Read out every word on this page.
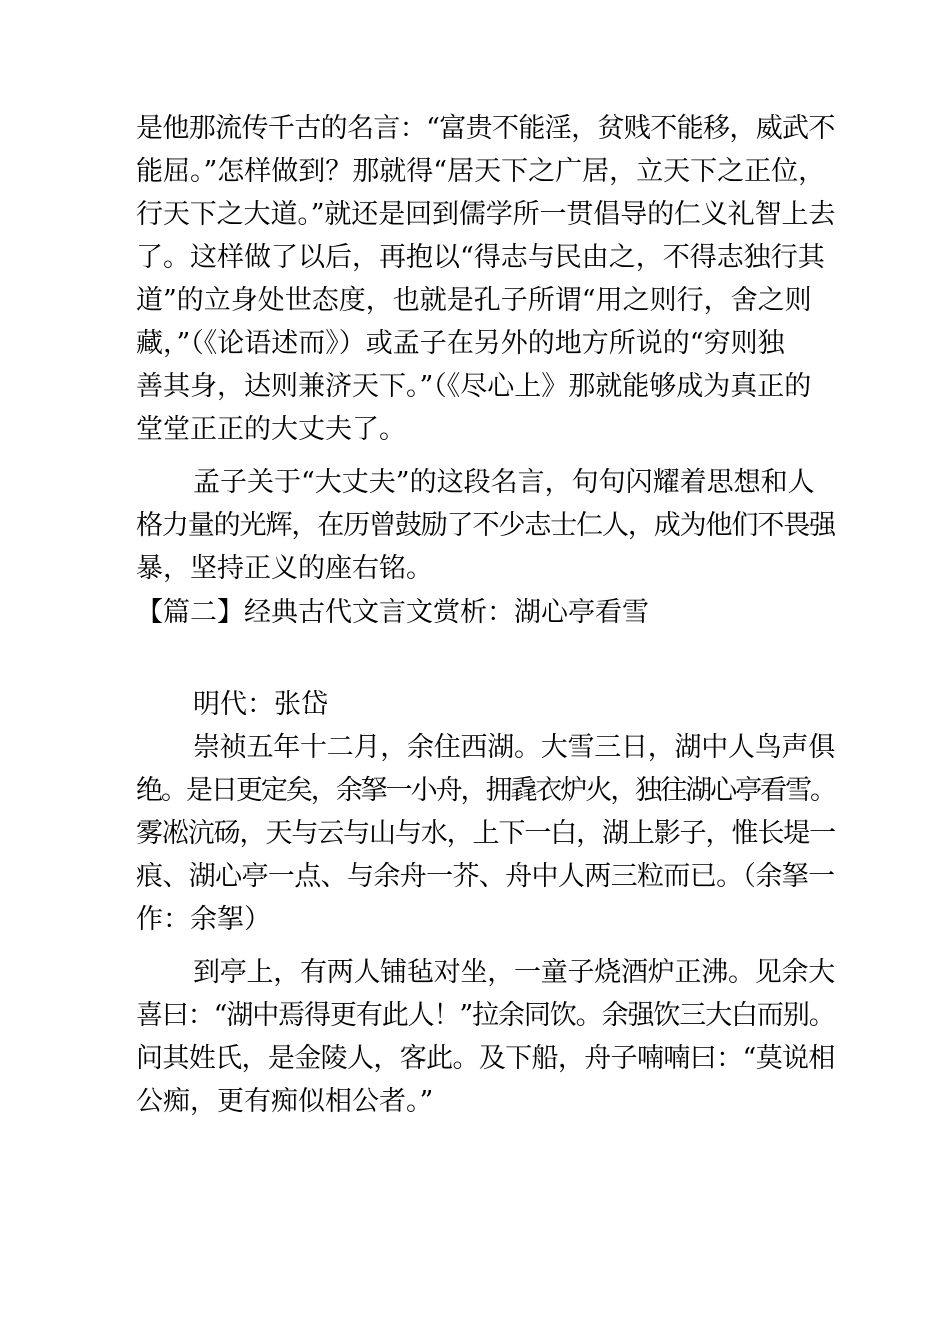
是他那流传千古的名言：“富贵不能淫，贫贱不能移，威武不
能屈。”怎样做到？那就得“居天下之广居，立天下之正位，
行天下之大道。”就还是回到儒学所一贯倡导的仁义礼智上去
了。这样做了以后，再抱以“得志与民由之，不得志独行其
道”的立身处世态度，也就是孔子所谓“用之则行，舍之则
藏，”（《论语述而》）或孟子在另外的地方所说的“穷则独
善其身，达则兼济天下。”（《尽心上》那就能够成为真正的
堂堂正正的大丈夫了。
孟子关于“大丈夫”的这段名言，句句闪耀着思想和人
格力量的光辉，在历曾鼓励了不少志士仁人，成为他们不畏强
暴，坚持正义的座右铭。
【篇二】经典古代文言文赏析：湖心亭看雪
明代：张岱
崇祯五年十二月，余住西湖。大雪三日，湖中人鸟声俱
绝。是日更定矣，余拏一小舟，拥毳衣炉火，独往湖心亭看雪。
雾凇沆砀，天与云与山与水，上下一白，湖上影子，惟长堤一
痕、湖心亭一点、与余舟一芥、舟中人两三粒而已。（余拏一
作：余挐）
到亭上，有两人铺毡对坐，一童子烧酒炉正沸。见余大
喜曰：“湖中焉得更有此人！”拉余同饮。余强饮三大白而别。
问其姓氏，是金陵人，客此。及下船，舟子喃喃曰：“莫说相
公痴，更有痴似相公者。”
